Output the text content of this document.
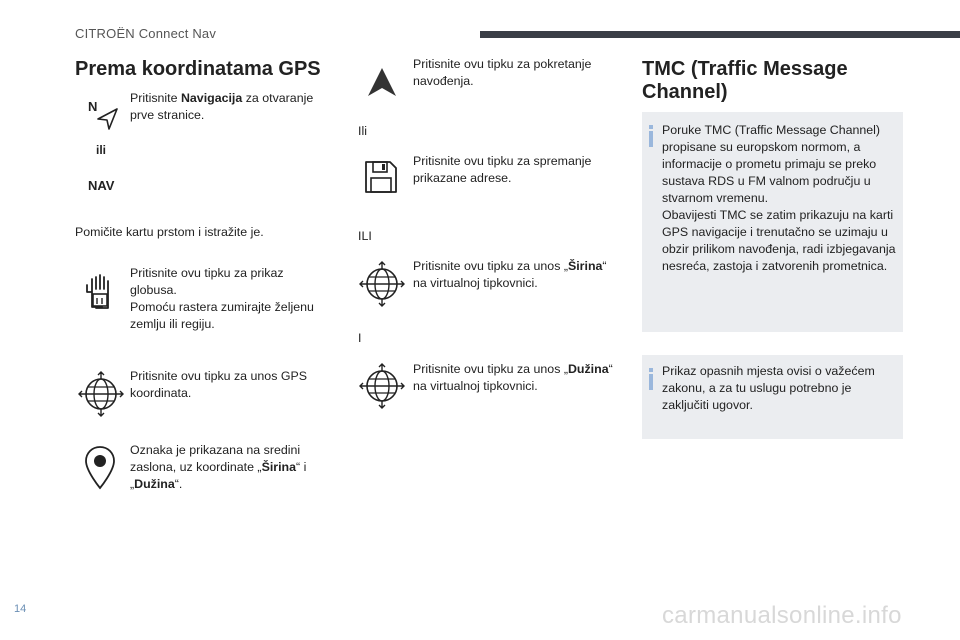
CITROËN Connect Nav
Prema koordinatama GPS
N
ili
NAV

Pritisnite Navigacija za otvaranje prve stranice.

Pomičite kartu prstom i istražite je.

Pritisnite ovu tipku za prikaz globusa.
Pomoću rastera zumirajte željenu zemlju ili regiju.

Pritisnite ovu tipku za unos GPS koordinata.

Oznaka je prikazana na sredini zaslona, uz koordinate „Širina“ i „Dužina“.

Pritisnite ovu tipku za pokretanje navođenja.

Ili

Pritisnite ovu tipku za spremanje prikazane adrese.

ILI

Pritisnite ovu tipku za unos „Širina“ na virtualnoj tipkovnici.

I

Pritisnite ovu tipku za unos „Dužina“ na virtualnoj tipkovnici.

TMC (Traffic Message
Channel)
Poruke TMC (Traffic Message Channel) propisane su europskom normom, a informacije o prometu primaju se preko sustava RDS u FM valnom području u stvarnom vremenu.
Obavijesti TMC se zatim prikazuju na karti GPS navigacije i trenutačno se uzimaju u obzir prilikom navođenja, radi izbjegavanja nesreća, zastoja i zatvorenih prometnica.
Prikaz opasnih mjesta ovisi o važećem zakonu, a za tu uslugu potrebno je zaključiti ugovor.
14	carmanualsonline.info
